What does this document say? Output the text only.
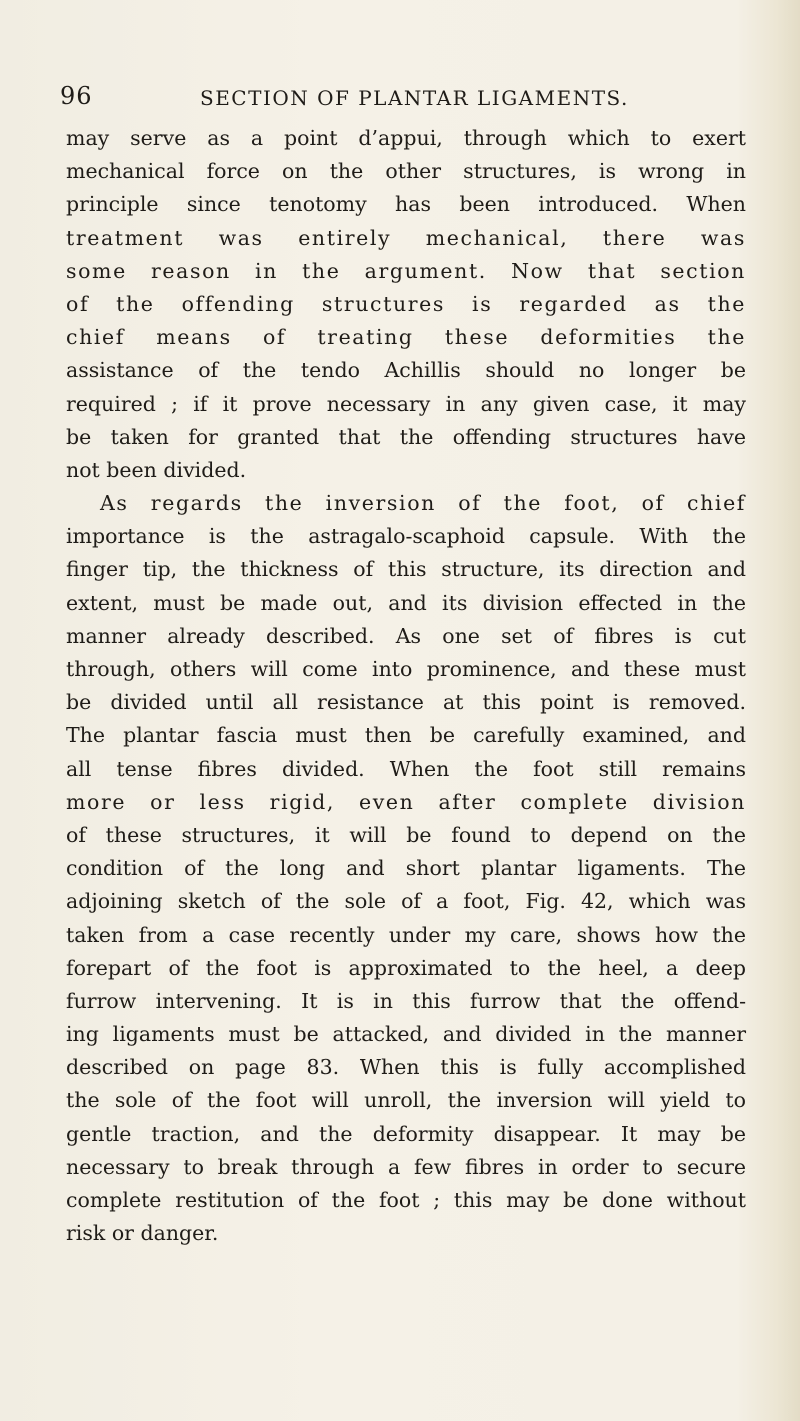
96	SECTION OF PLANTAR LIGAMENTS.
may serve as a point d’appui, through which to exert
mechanical force on the other structures, is wrong in
principle since tenotomy has been introduced. When
treatment was entirely mechanical, there was
some reason in the argument. Now that section
of the offending structures is regarded as the
chief means of treating these deformities the
assistance of the tendo Achillis should no longer be
required ; if it prove necessary in any given case, it may
be taken for granted that the offending structures have
not been divided.
As regards the inversion of the foot, of chief
importance is the astragalo-scaphoid capsule. With the
finger tip, the thickness of this structure, its direction and
extent, must be made out, and its division effected in the
manner already described. As one set of fibres is cut
through, others will come into prominence, and these must
be divided until all resistance at this point is removed.
The plantar fascia must then be carefully examined, and
all tense fibres divided. When the foot still remains
more or less rigid, even after complete division
of these structures, it will be found to depend on the
condition of the long and short plantar ligaments. The
adjoining sketch of the sole of a foot, Fig. 42, which was
taken from a case recently under my care, shows how the
forepart of the foot is approximated to the heel, a deep
furrow intervening. It is in this furrow that the offend-
ing ligaments must be attacked, and divided in the manner
described on page 83. When this is fully accomplished
the sole of the foot will unroll, the inversion will yield to
gentle traction, and the deformity disappear. It may be
necessary to break through a few fibres in order to secure
complete restitution of the foot ; this may be done without
risk or danger.
